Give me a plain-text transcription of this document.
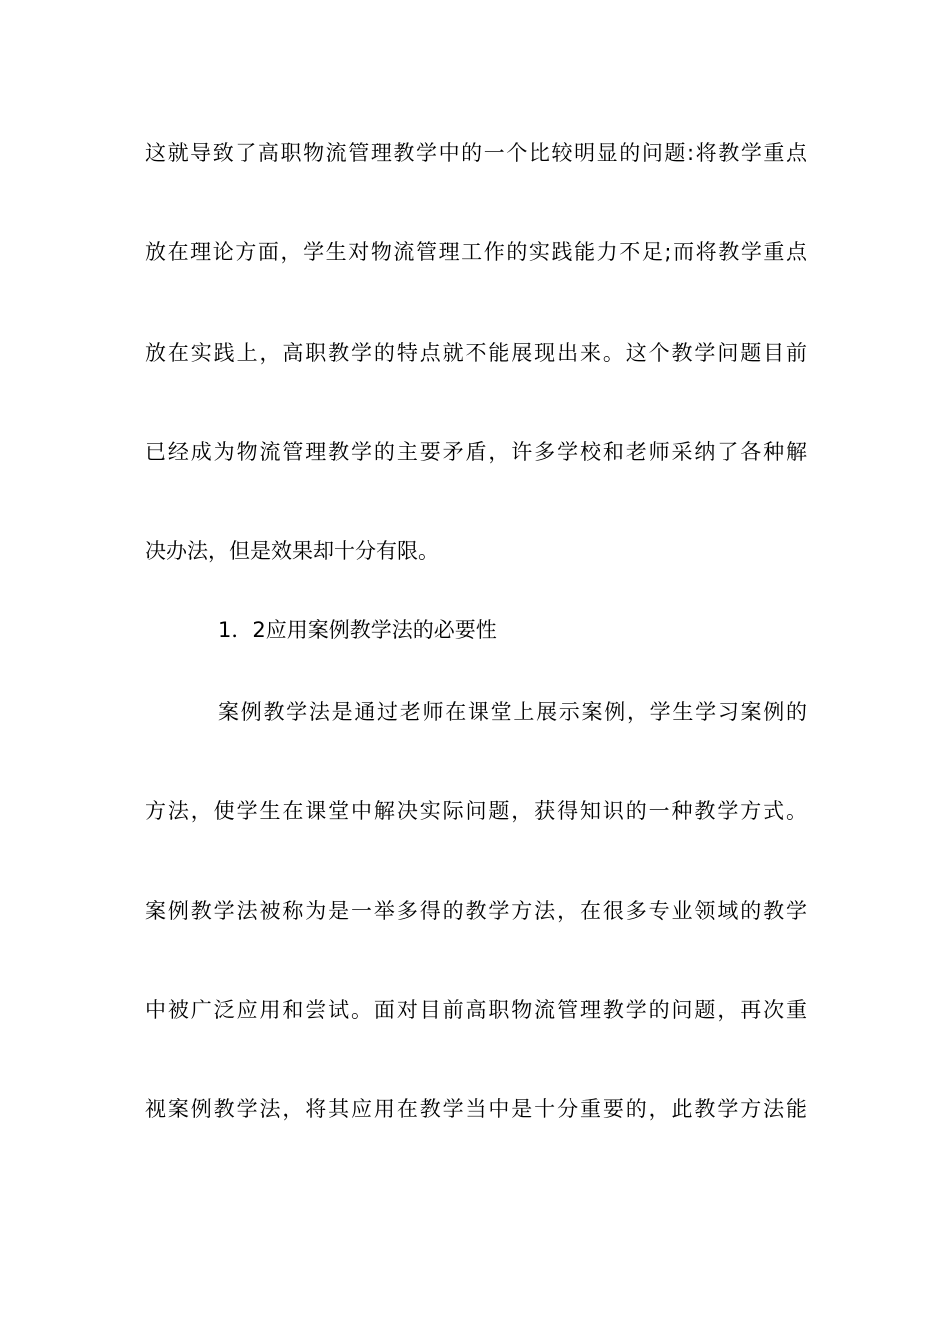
这就导致了高职物流管理教学中的一个比较明显的问题:将教学重点
放在理论方面，学生对物流管理工作的实践能力不足;而将教学重点
放在实践上，高职教学的特点就不能展现出来。这个教学问题目前
已经成为物流管理教学的主要矛盾，许多学校和老师采纳了各种解
决办法，但是效果却十分有限。
1．2应用案例教学法的必要性
案例教学法是通过老师在课堂上展示案例，学生学习案例的
方法，使学生在课堂中解决实际问题，获得知识的一种教学方式。
案例教学法被称为是一举多得的教学方法，在很多专业领域的教学
中被广泛应用和尝试。面对目前高职物流管理教学的问题，再次重
视案例教学法，将其应用在教学当中是十分重要的，此教学方法能
